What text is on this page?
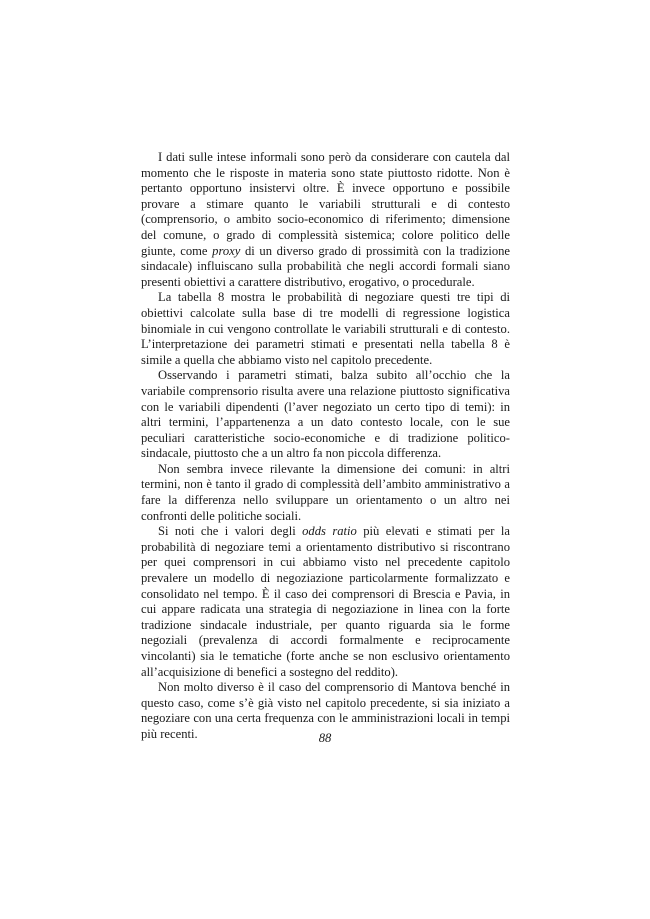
I dati sulle intese informali sono però da considerare con cautela dal momento che le risposte in materia sono state piuttosto ridotte. Non è pertanto opportuno insistervi oltre. È invece opportuno e possibile provare a stimare quanto le variabili strutturali e di contesto (comprensorio, o ambito socio-economico di riferimento; dimensione del comune, o grado di complessità sistemica; colore politico delle giunte, come proxy di un diverso grado di prossimità con la tradizione sindacale) influiscano sulla probabilità che negli accordi formali siano presenti obiettivi a carattere distributivo, erogativo, o procedurale.

La tabella 8 mostra le probabilità di negoziare questi tre tipi di obiettivi calcolate sulla base di tre modelli di regressione logistica binomiale in cui vengono controllate le variabili strutturali e di contesto. L’interpretazione dei parametri stimati e presentati nella tabella 8 è simile a quella che abbiamo visto nel capitolo precedente.

Osservando i parametri stimati, balza subito all’occhio che la variabile comprensorio risulta avere una relazione piuttosto significativa con le variabili dipendenti (l’aver negoziato un certo tipo di temi): in altri termini, l’appartenenza a un dato contesto locale, con le sue peculiari caratteristiche socio-economiche e di tradizione politico-sindacale, piuttosto che a un altro fa non piccola differenza.

Non sembra invece rilevante la dimensione dei comuni: in altri termini, non è tanto il grado di complessità dell’ambito amministrativo a fare la differenza nello sviluppare un orientamento o un altro nei confronti delle politiche sociali.

Si noti che i valori degli odds ratio più elevati e stimati per la probabilità di negoziare temi a orientamento distributivo si riscontrano per quei comprensori in cui abbiamo visto nel precedente capitolo prevalere un modello di negoziazione particolarmente formalizzato e consolidato nel tempo. È il caso dei comprensori di Brescia e Pavia, in cui appare radicata una strategia di negoziazione in linea con la forte tradizione sindacale industriale, per quanto riguarda sia le forme negoziali (prevalenza di accordi formalmente e reciprocamente vincolanti) sia le tematiche (forte anche se non esclusivo orientamento all’acquisizione di benefici a sostegno del reddito).

Non molto diverso è il caso del comprensorio di Mantova benché in questo caso, come s’è già visto nel capitolo precedente, si sia iniziato a negoziare con una certa frequenza con le amministrazioni locali in tempi più recenti.	88
